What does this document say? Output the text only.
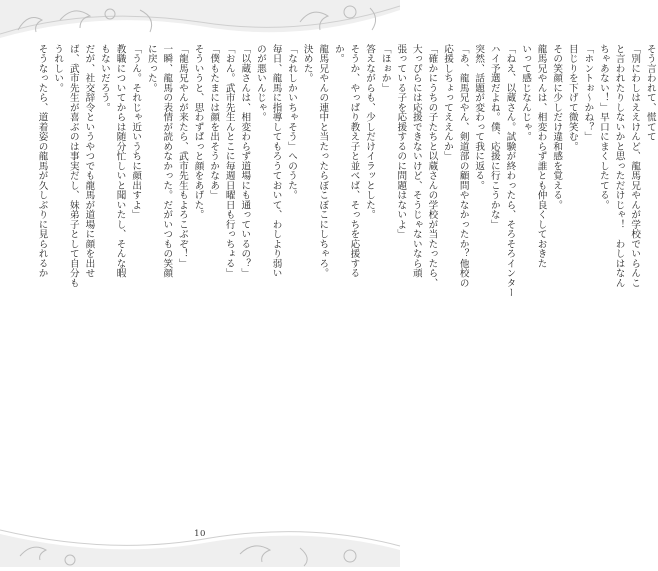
そう言われて、慌てて

「別にわしはええけんど、龍馬兄やんが学校でいらんこ

と言われたりしないかと思っただけじゃ！　わしはなん

ちゃあない！」早口にまくしたてる。

「ホントぉ～かね？」

目じりを下げて微笑む。

その笑顔に少しだけ違和感を覚える。

龍馬兄やんは、相変わらず誰とも仲良くしておきた

いって感じなんじゃ。

「ねえ、以蔵さん。試験が終わったら、そろそろインター

ハイ予選だよね。僕、応援に行こうかな」

突然、話題が変わって我に返る。

「あ、龍馬兄やん、剣道部の顧問やなかったか？他校の

応援しちょってええんか」

「確かにうちの子たちと以蔵さんの学校が当たったら、

大っぴらには応援できないけど、そうじゃないなら頑

張っている子を応援するのに問題はないよ」

「ほぉか」

答えながらも、少しだけイラッとした。

そうか、やっぱり教え子と並べば、そっちを応援する

か。

龍馬兄やんの連中と当たったらぼこぼこにしちゃろ。

決めた。

「なれしかいちゃそう」へのうた。

毎日、龍馬に指導してもろうておいて、わしより弱い

のが悪いんじゃ。

「以蔵さんは、相変わらず道場にも通っているの？」

「おん。武市先生んとこに毎週日曜日も行っちょる」

「僕もたまには顔を出そうかなあ」

そういうと、思わずぱっと顔をあげた。

「龍馬兄やんが来たら、武市先生もよろこぶぞ！」

一瞬、龍馬の表情が読めなかった。だがいつもの笑顔

に戻った。

「うん。それじゃ近いうちに顔出すよ」

教職についてからは随分忙しいと聞いたし、そんな暇

もないだろう。

だが、社交辞令というやつでも龍馬が道場に顔を出せ

ば、武市先生が喜ぶのは事実だし、妹弟子として自分も

うれしい。

そうなったら、道着姿の龍馬が久しぶりに見られるか

10
